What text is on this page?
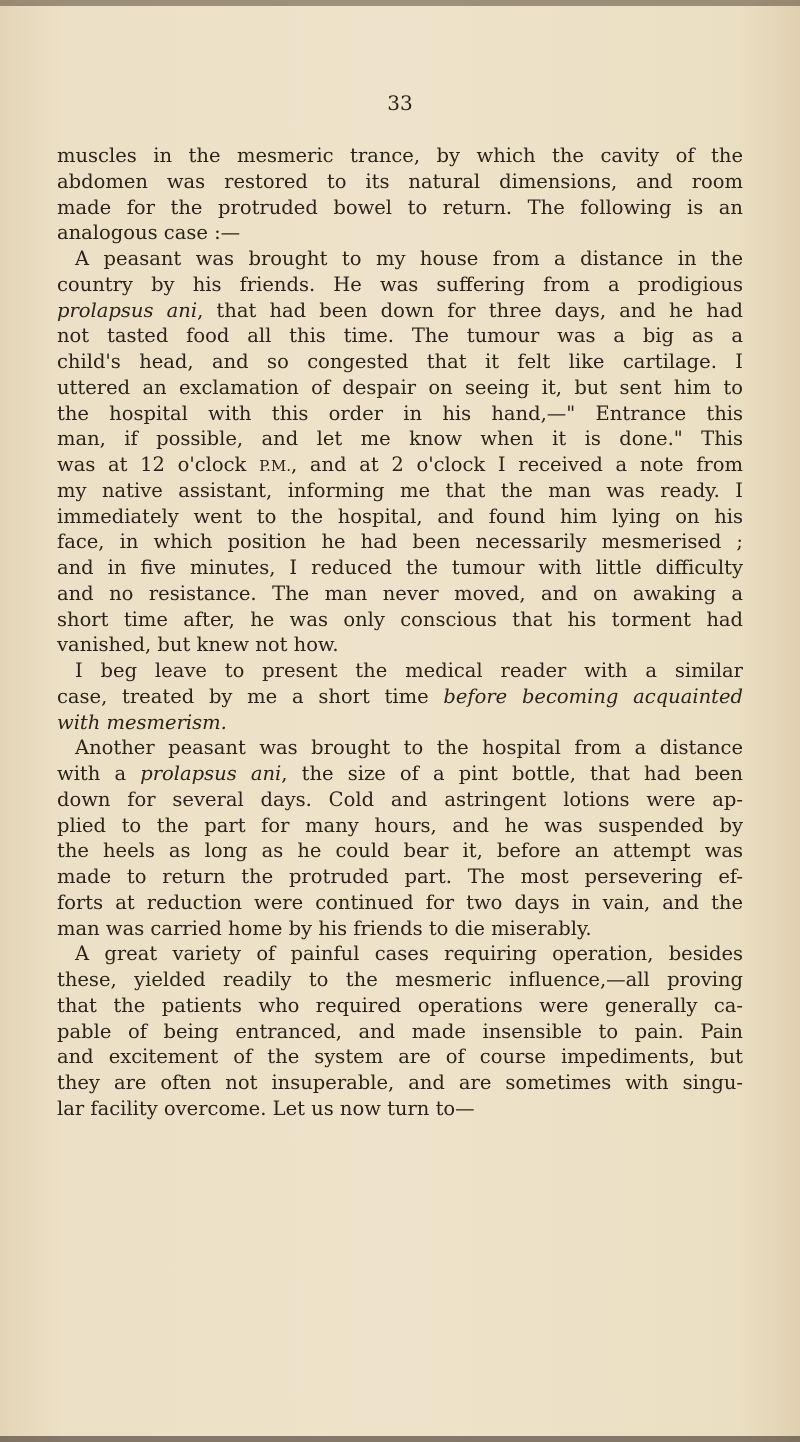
33
muscles in the mesmeric trance, by which the cavity of the
abdomen was restored to its natural dimensions, and room
made for the protruded bowel to return. The following is an
analogous case :—
A peasant was brought to my house from a distance in the
country by his friends. He was suffering from a prodigious
prolapsus ani, that had been down for three days, and he had
not tasted food all this time. The tumour was a big as a
child's head, and so congested that it felt like cartilage. I
uttered an exclamation of despair on seeing it, but sent him to
the hospital with this order in his hand,—" Entrance this
man, if possible, and let me know when it is done." This
was at 12 o'clock P.M., and at 2 o'clock I received a note from
my native assistant, informing me that the man was ready. I
immediately went to the hospital, and found him lying on his
face, in which position he had been necessarily mesmerised ;
and in five minutes, I reduced the tumour with little difficulty
and no resistance. The man never moved, and on awaking a
short time after, he was only conscious that his torment had
vanished, but knew not how.
I beg leave to present the medical reader with a similar
case, treated by me a short time before becoming acquainted
with mesmerism.
Another peasant was brought to the hospital from a distance
with a prolapsus ani, the size of a pint bottle, that had been
down for several days. Cold and astringent lotions were ap-
plied to the part for many hours, and he was suspended by
the heels as long as he could bear it, before an attempt was
made to return the protruded part. The most persevering ef-
forts at reduction were continued for two days in vain, and the
man was carried home by his friends to die miserably.
A great variety of painful cases requiring operation, besides
these, yielded readily to the mesmeric influence,—all proving
that the patients who required operations were generally ca-
pable of being entranced, and made insensible to pain. Pain
and excitement of the system are of course impediments, but
they are often not insuperable, and are sometimes with singu-
lar facility overcome. Let us now turn to—
